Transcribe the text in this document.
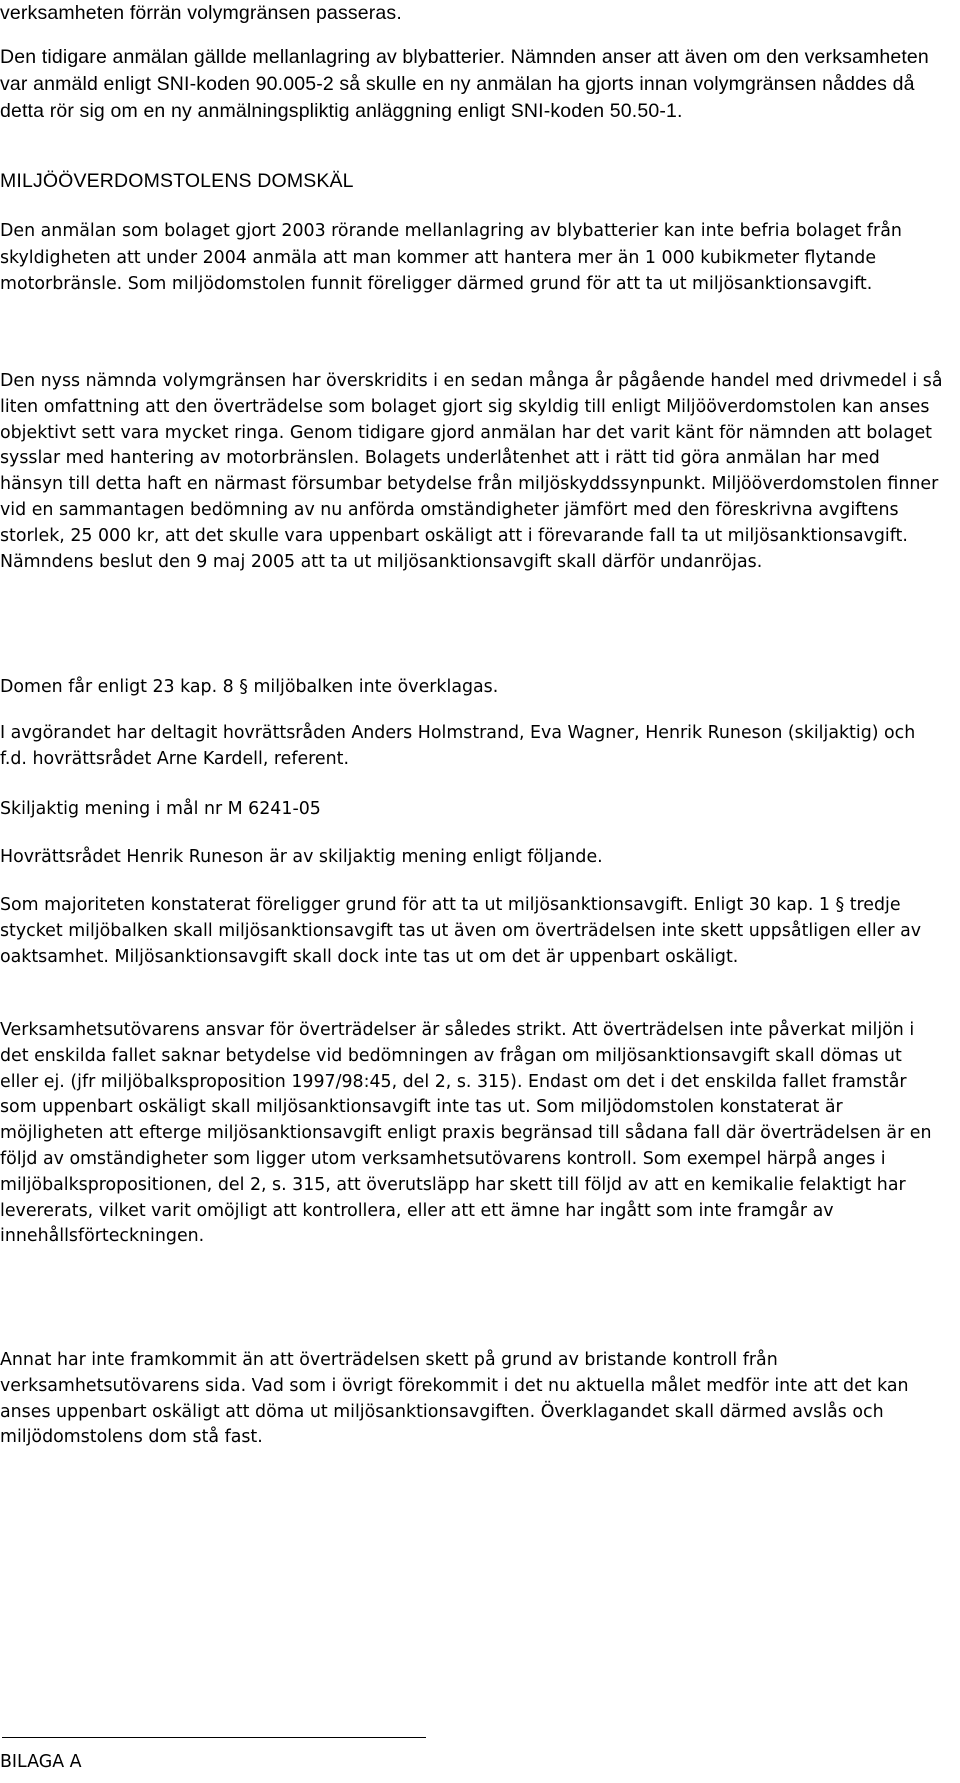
verksamheten förrän volymgränsen passeras.

Den tidigare anmälan gällde mellanlagring av blybatterier. Nämnden anser att även om den verksamheten var anmäld enligt SNI-koden 90.005-2 så skulle en ny anmälan ha gjorts innan volymgränsen nåddes då detta rör sig om en ny anmälningspliktig anläggning enligt SNI-koden 50.50-1.

MILJÖÖVERDOMSTOLENS DOMSKÄL

Den anmälan som bolaget gjort 2003 rörande mellanlagring av blybatterier kan inte befria bolaget från skyldigheten att under 2004 anmäla att man kommer att hantera mer än 1 000 kubikmeter flytande motorbränsle. Som miljödomstolen funnit föreligger därmed grund för att ta ut miljösanktionsavgift.

Den nyss nämnda volymgränsen har överskridits i en sedan många år pågående handel med drivmedel i så liten omfattning att den överträdelse som bolaget gjort sig skyldig till enligt Miljööverdomstolen kan anses objektivt sett vara mycket ringa. Genom tidigare gjord anmälan har det varit känt för nämnden att bolaget sysslar med hantering av motorbränslen. Bolagets underlåtenhet att i rätt tid göra anmälan har med hänsyn till detta haft en närmast försumbar betydelse från miljöskyddssynpunkt. Miljööverdomstolen finner vid en sammantagen bedömning av nu anförda omständigheter jämfört med den föreskrivna avgiftens storlek, 25 000 kr, att det skulle vara uppenbart oskäligt att i förevarande fall ta ut miljösanktionsavgift. Nämndens beslut den 9 maj 2005 att ta ut miljösanktionsavgift skall därför undanröjas.

Domen får enligt 23 kap. 8 § miljöbalken inte överklagas.

I avgörandet har deltagit hovrättsråden Anders Holmstrand, Eva Wagner, Henrik Runeson (skiljaktig) och f.d. hovrättsrådet Arne Kardell, referent.

Skiljaktig mening i mål nr M 6241-05

Hovrättsrådet Henrik Runeson är av skiljaktig mening enligt följande.

Som majoriteten konstaterat föreligger grund för att ta ut miljösanktionsavgift. Enligt 30 kap. 1 § tredje stycket miljöbalken skall miljösanktionsavgift tas ut även om överträdelsen inte skett uppsåtligen eller av oaktsamhet. Miljösanktionsavgift skall dock inte tas ut om det är uppenbart oskäligt.

Verksamhetsutövarens ansvar för överträdelser är således strikt. Att överträdelsen inte påverkat miljön i det enskilda fallet saknar betydelse vid bedömningen av frågan om miljösanktionsavgift skall dömas ut eller ej. (jfr miljöbalksproposition 1997/98:45, del 2, s. 315). Endast om det i det enskilda fallet framstår som uppenbart oskäligt skall miljösanktionsavgift inte tas ut. Som miljödomstolen konstaterat är möjligheten att efterge miljösanktionsavgift enligt praxis begränsad till sådana fall där överträdelsen är en följd av omständigheter som ligger utom verksamhetsutövarens kontroll. Som exempel härpå anges i miljöbalkspropositionen, del 2, s. 315, att överutsläpp har skett till följd av att en kemikalie felaktigt har levererats, vilket varit omöjligt att kontrollera, eller att ett ämne har ingått som inte framgår av innehållsförteckningen.

Annat har inte framkommit än att överträdelsen skett på grund av bristande kontroll från verksamhetsutövarens sida. Vad som i övrigt förekommit i det nu aktuella målet medför inte att det kan anses uppenbart oskäligt att döma ut miljösanktionsavgiften. Överklagandet skall därmed avslås och miljödomstolens dom stå fast.

BILAGA A
